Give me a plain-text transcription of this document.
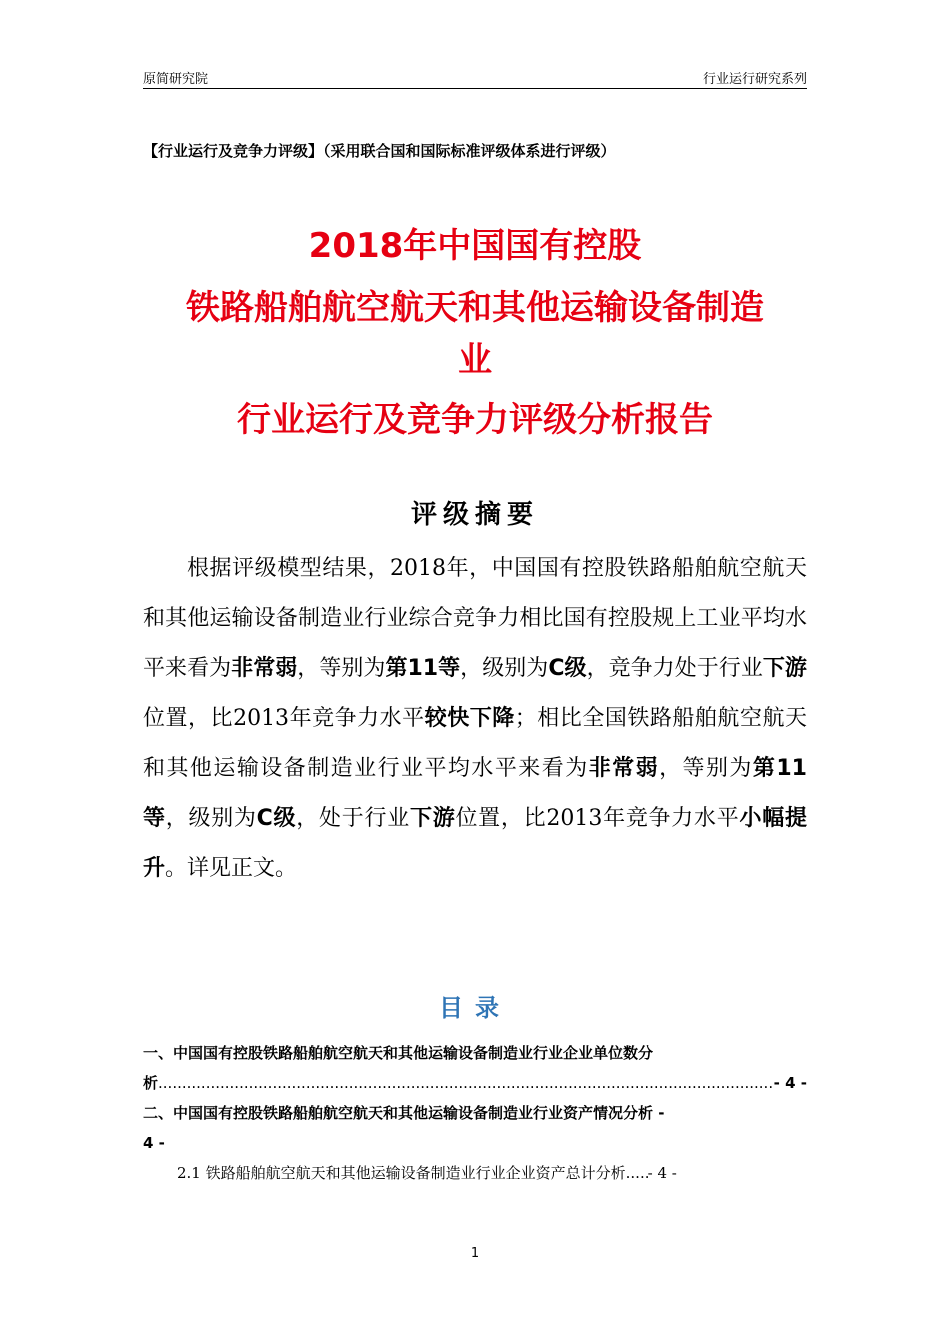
原简研究院	行业运行研究系列
【行业运行及竞争力评级】（采用联合国和国际标准评级体系进行评级）
2018年中国国有控股
铁路船舶航空航天和其他运输设备制造
业
行业运行及竞争力评级分析报告
评级摘要

根据评级模型结果，2018年，中国国有控股铁路船舶航空航天和其他运输设备制造业行业综合竞争力相比国有控股规上工业平均水平来看为非常弱，等别为第11等，级别为C级，竞争力处于行业下游位置，比2013年竞争力水平较快下降；相比全国铁路船舶航空航天和其他运输设备制造业行业平均水平来看为非常弱，等别为第11等，级别为C级，处于行业下游位置，比2013年竞争力水平小幅提升。详见正文。

目录
一、中国国有控股铁路船舶航空航天和其他运输设备制造业行业企业单位数分
析 .....	- 4 -
二、中国国有控股铁路船舶航空航天和其他运输设备制造业行业资产情况分析 -
4 -
2.1 铁路船舶航空航天和其他运输设备制造业行业企业资产总计分析 ..... - 4 -
1
